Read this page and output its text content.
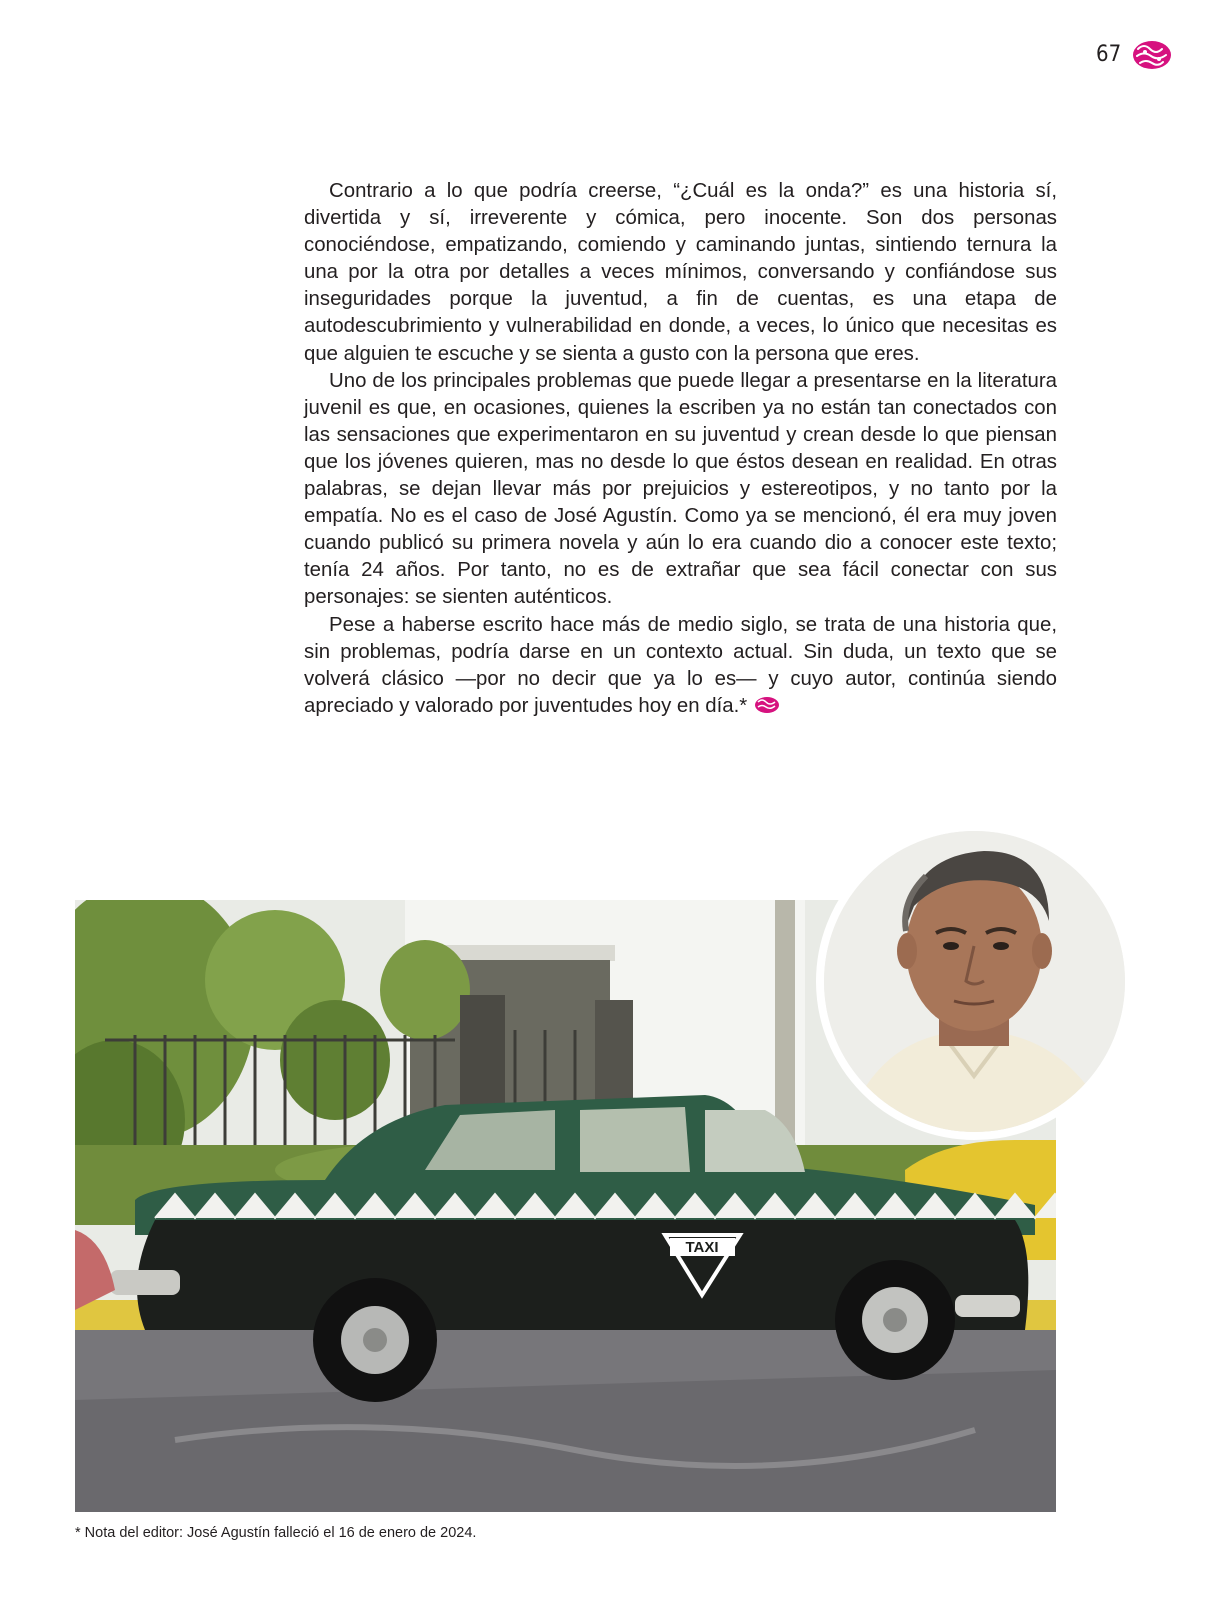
67

Contrario a lo que podría creerse, “¿Cuál es la onda?” es una historia sí, divertida y sí, irreverente y cómica, pero inocente. Son dos personas conociéndose, empatizando, comiendo y caminando juntas, sintiendo ternura la una por la otra por detalles a veces mínimos, conversando y confiándose sus inseguridades porque la juventud, a fin de cuentas, es una etapa de autodescubrimiento y vulnerabilidad en donde, a veces, lo único que necesitas es que alguien te escuche y se sienta a gusto con la persona que eres.

Uno de los principales problemas que puede llegar a presentarse en la literatura juvenil es que, en ocasiones, quienes la escriben ya no están tan conectados con las sensaciones que experimentaron en su juventud y crean desde lo que piensan que los jóvenes quieren, mas no desde lo que éstos desean en realidad. En otras palabras, se dejan llevar más por prejuicios y estereotipos, y no tanto por la empatía. No es el caso de José Agustín. Como ya se mencionó, él era muy joven cuando publicó su primera novela y aún lo era cuando dio a conocer este texto; tenía 24 años. Por tanto, no es de extrañar que sea fácil conectar con sus personajes: se sienten auténticos.

Pese a haberse escrito hace más de medio siglo, se trata de una historia que, sin problemas, podría darse en un contexto actual. Sin duda, un texto que se volverá clásico —por no decir que ya lo es— y cuyo autor, continúa siendo apreciado y valorado por juventudes hoy en día.*

TAXI
* Nota del editor: José Agustín falleció el 16 de enero de 2024.
